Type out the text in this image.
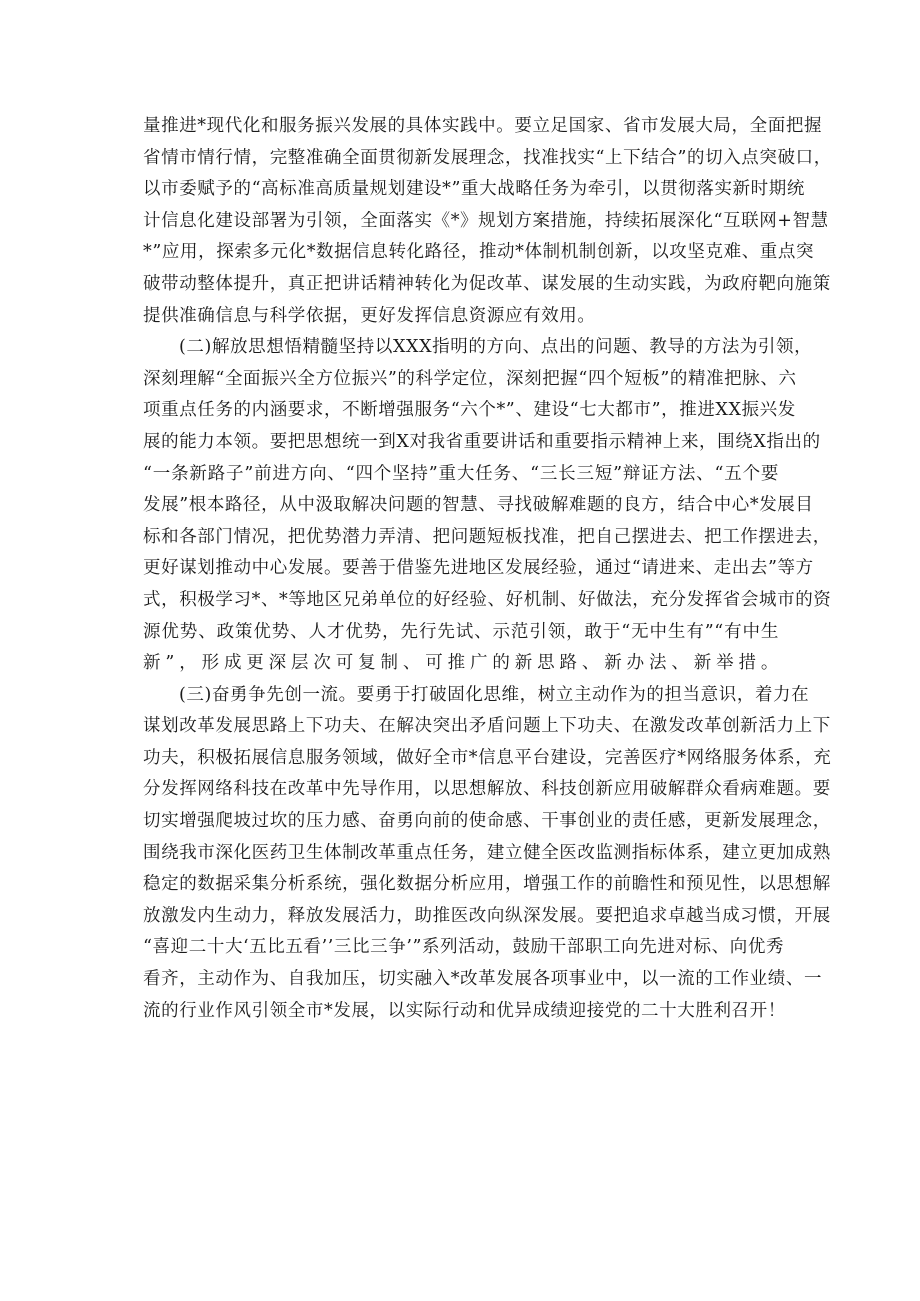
量推进*现代化和服务振兴发展的具体实践中。要立足国家、省市发展大局，全面把握
省情市情行情，完整准确全面贯彻新发展理念，找准找实“上下结合”的切入点突破口，
以市委赋予的“高标准高质量规划建设*”重大战略任务为牵引，以贯彻落实新时期统
计信息化建设部署为引领，全面落实《*》规划方案措施，持续拓展深化“互联网+智慧
*”应用，探索多元化*数据信息转化路径，推动*体制机制创新，以攻坚克难、重点突
破带动整体提升，真正把讲话精神转化为促改革、谋发展的生动实践，为政府靶向施策
提供准确信息与科学依据，更好发挥信息资源应有效用。
(二)解放思想悟精髓坚持以XXX指明的方向、点出的问题、教导的方法为引领，
深刻理解“全面振兴全方位振兴”的科学定位，深刻把握“四个短板”的精准把脉、六
项重点任务的内涵要求，不断增强服务“六个*”、建设“七大都市”，推进XX振兴发
展的能力本领。要把思想统一到X对我省重要讲话和重要指示精神上来，围绕X指出的
“一条新路子”前进方向、“四个坚持”重大任务、“三长三短”辩证方法、“五个要
发展”根本路径，从中汲取解决问题的智慧、寻找破解难题的良方，结合中心*发展目
标和各部门情况，把优势潜力弄清、把问题短板找准，把自己摆进去、把工作摆进去，
更好谋划推动中心发展。要善于借鉴先进地区发展经验，通过“请进来、走出去”等方
式，积极学习*、*等地区兄弟单位的好经验、好机制、好做法，充分发挥省会城市的资
源优势、政策优势、人才优势，先行先试、示范引领，敢于“无中生有”“有中生
新”，形成更深层次可复制、可推广的新思路、新办法、新举措。
(三)奋勇争先创一流。要勇于打破固化思维，树立主动作为的担当意识，着力在
谋划改革发展思路上下功夫、在解决突出矛盾问题上下功夫、在激发改革创新活力上下
功夫，积极拓展信息服务领域，做好全市*信息平台建设，完善医疗*网络服务体系，充
分发挥网络科技在改革中先导作用，以思想解放、科技创新应用破解群众看病难题。要
切实增强爬坡过坎的压力感、奋勇向前的使命感、干事创业的责任感，更新发展理念，
围绕我市深化医药卫生体制改革重点任务，建立健全医改监测指标体系，建立更加成熟
稳定的数据采集分析系统，强化数据分析应用，增强工作的前瞻性和预见性，以思想解
放激发内生动力，释放发展活力，助推医改向纵深发展。要把追求卓越当成习惯，开展
“喜迎二十大‘五比五看’’三比三争’”系列活动，鼓励干部职工向先进对标、向优秀
看齐，主动作为、自我加压，切实融入*改革发展各项事业中，以一流的工作业绩、一
流的行业作风引领全市*发展，以实际行动和优异成绩迎接党的二十大胜利召开！
